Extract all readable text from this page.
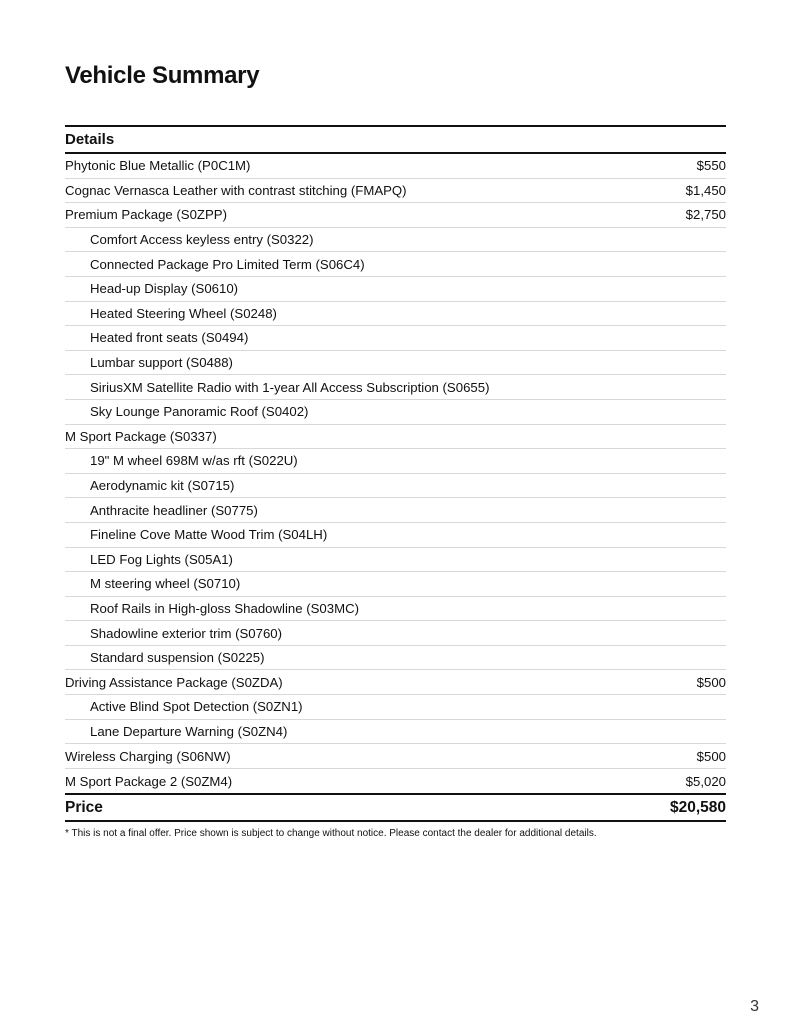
Vehicle Summary
Details
Phytonic Blue Metallic (P0C1M)	$550
Cognac Vernasca Leather with contrast stitching (FMAPQ)	$1,450
Premium Package (S0ZPP)	$2,750
Comfort Access keyless entry (S0322)
Connected Package Pro Limited Term (S06C4)
Head-up Display (S0610)
Heated Steering Wheel (S0248)
Heated front seats (S0494)
Lumbar support (S0488)
SiriusXM Satellite Radio with 1-year All Access Subscription (S0655)
Sky Lounge Panoramic Roof (S0402)
M Sport Package (S0337)
19" M wheel 698M w/as rft (S022U)
Aerodynamic kit (S0715)
Anthracite headliner (S0775)
Fineline Cove Matte Wood Trim (S04LH)
LED Fog Lights (S05A1)
M steering wheel (S0710)
Roof Rails in High-gloss Shadowline (S03MC)
Shadowline exterior trim (S0760)
Standard suspension (S0225)
Driving Assistance Package (S0ZDA)	$500
Active Blind Spot Detection (S0ZN1)
Lane Departure Warning (S0ZN4)
Wireless Charging (S06NW)	$500
M Sport Package 2 (S0ZM4)	$5,020
Price	$20,580
* This is not a final offer. Price shown is subject to change without notice. Please contact the dealer for additional details.
3
